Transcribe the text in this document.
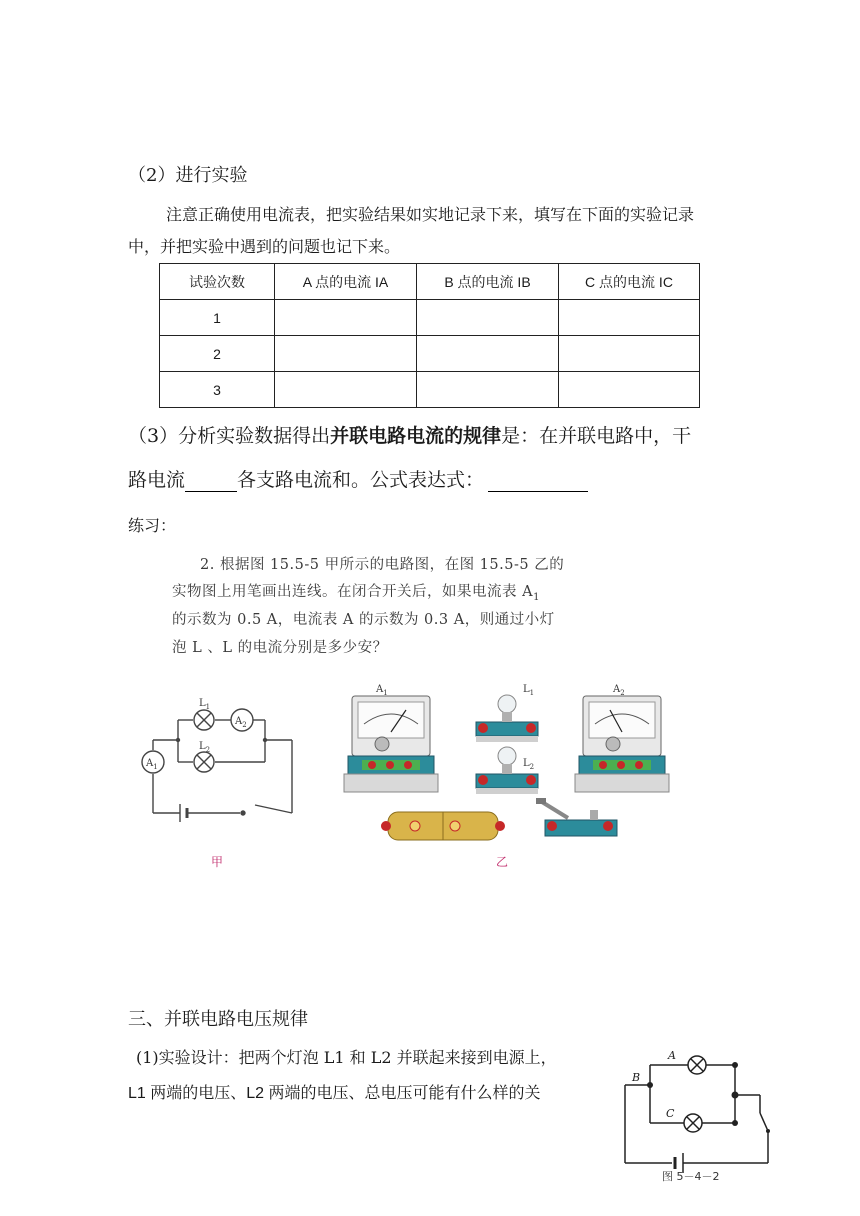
（2）进行实验
注意正确使用电流表，把实验结果如实地记录下来，填写在下面的实验记录
中，并把实验中遇到的问题也记下来。
试验次数	A 点的电流 IA	B 点的电流 IB	C 点的电流 IC
1			
2			
3			
（3）分析实验数据得出并联电路电流的规律是：在并联电路中，干
路电流	各支路电流和。公式表达式：
练习：
2. 根据图 15.5-5 甲所示的电路图，在图 15.5-5 乙的
实物图上用笔画出连线。在闭合开关后，如果电流表 $A_1$
的示数为 0.5 A，电流表 A 的示数为 0.3 A，则通过小灯
泡 L 、L 的电流分别是多少安？
$L_1$
$L_2$
$A_2$
$A_1$
甲
$A_1$	$L_1$
$L_2$
$A_2$
乙
三、并联电路电压规律
(1)实验设计：把两个灯泡 L1 和 L2 并联起来接到电源上，
L1 两端的电压、L2 两端的电压、总电压可能有什么样的关
A
B
C
图 5－4－2
